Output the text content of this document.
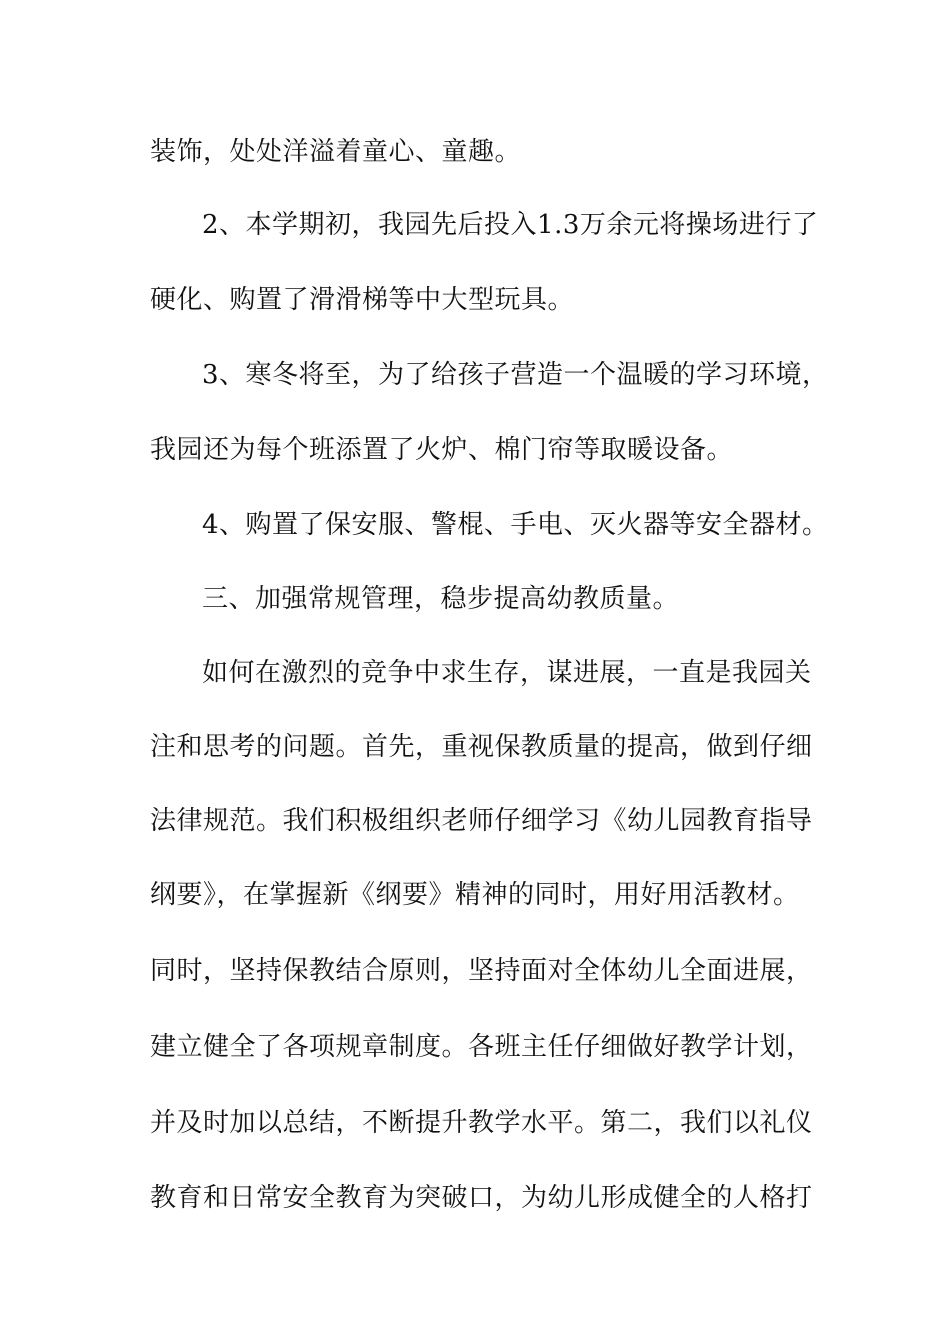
装饰，处处洋溢着童心、童趣。
2、本学期初，我园先后投入1.3万余元将操场进行了
硬化、购置了滑滑梯等中大型玩具。
3、寒冬将至，为了给孩子营造一个温暖的学习环境，
我园还为每个班添置了火炉、棉门帘等取暖设备。
4、购置了保安服、警棍、手电、灭火器等安全器材。
三、加强常规管理，稳步提高幼教质量。
如何在激烈的竞争中求生存，谋进展，一直是我园关
注和思考的问题。首先，重视保教质量的提高，做到仔细
法律规范。我们积极组织老师仔细学习《幼儿园教育指导
纲要》，在掌握新《纲要》精神的同时，用好用活教材。
同时，坚持保教结合原则，坚持面对全体幼儿全面进展，
建立健全了各项规章制度。各班主任仔细做好教学计划，
并及时加以总结，不断提升教学水平。第二，我们以礼仪
教育和日常安全教育为突破口，为幼儿形成健全的人格打
